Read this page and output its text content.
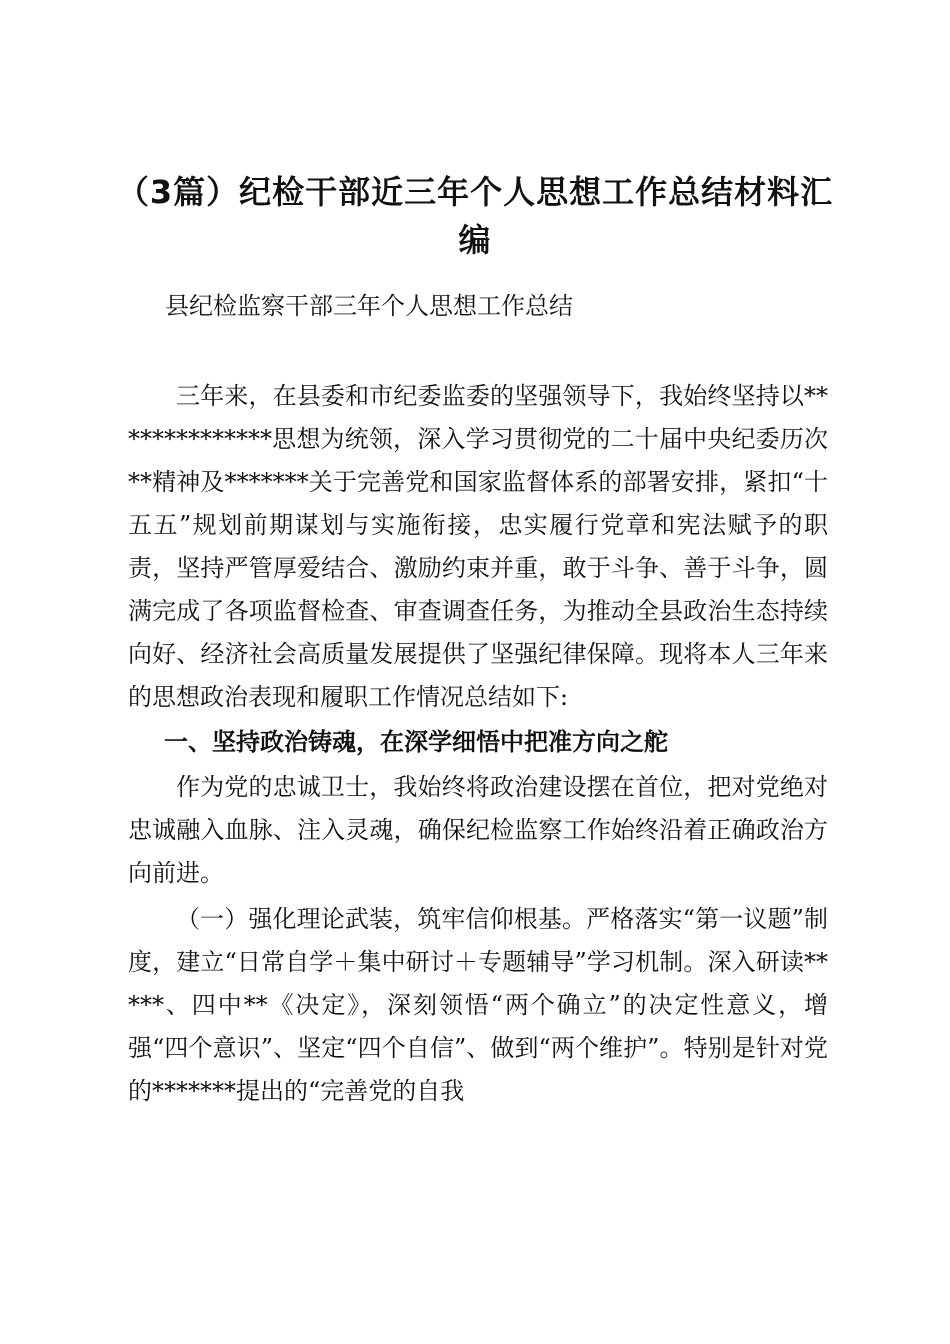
（3篇）纪检干部近三年个人思想工作总结材料汇编

县纪检监察干部三年个人思想工作总结

三年来，在县委和市纪委监委的坚强领导下，我始终坚持以**************思想为统领，深入学习贯彻党的二十届中央纪委历次**精神及*******关于完善党和国家监督体系的部署安排，紧扣“十五五”规划前期谋划与实施衔接，忠实履行党章和宪法赋予的职责，坚持严管厚爱结合、激励约束并重，敢于斗争、善于斗争，圆满完成了各项监督检查、审查调查任务，为推动全县政治生态持续向好、经济社会高质量发展提供了坚强纪律保障。现将本人三年来的思想政治表现和履职工作情况总结如下:

一、坚持政治铸魂，在深学细悟中把准方向之舵

作为党的忠诚卫士，我始终将政治建设摆在首位，把对党绝对忠诚融入血脉、注入灵魂，确保纪检监察工作始终沿着正确政治方向前进。

（一）强化理论武装，筑牢信仰根基。严格落实“第一议题”制度，建立“日常自学＋集中研讨＋专题辅导”学习机制。深入研读*****、四中**《决定》，深刻领悟“两个确立”的决定性意义，增强“四个意识”、坚定“四个自信”、做到“两个维护”。特别是针对党的*******提出的“完善党的自我
